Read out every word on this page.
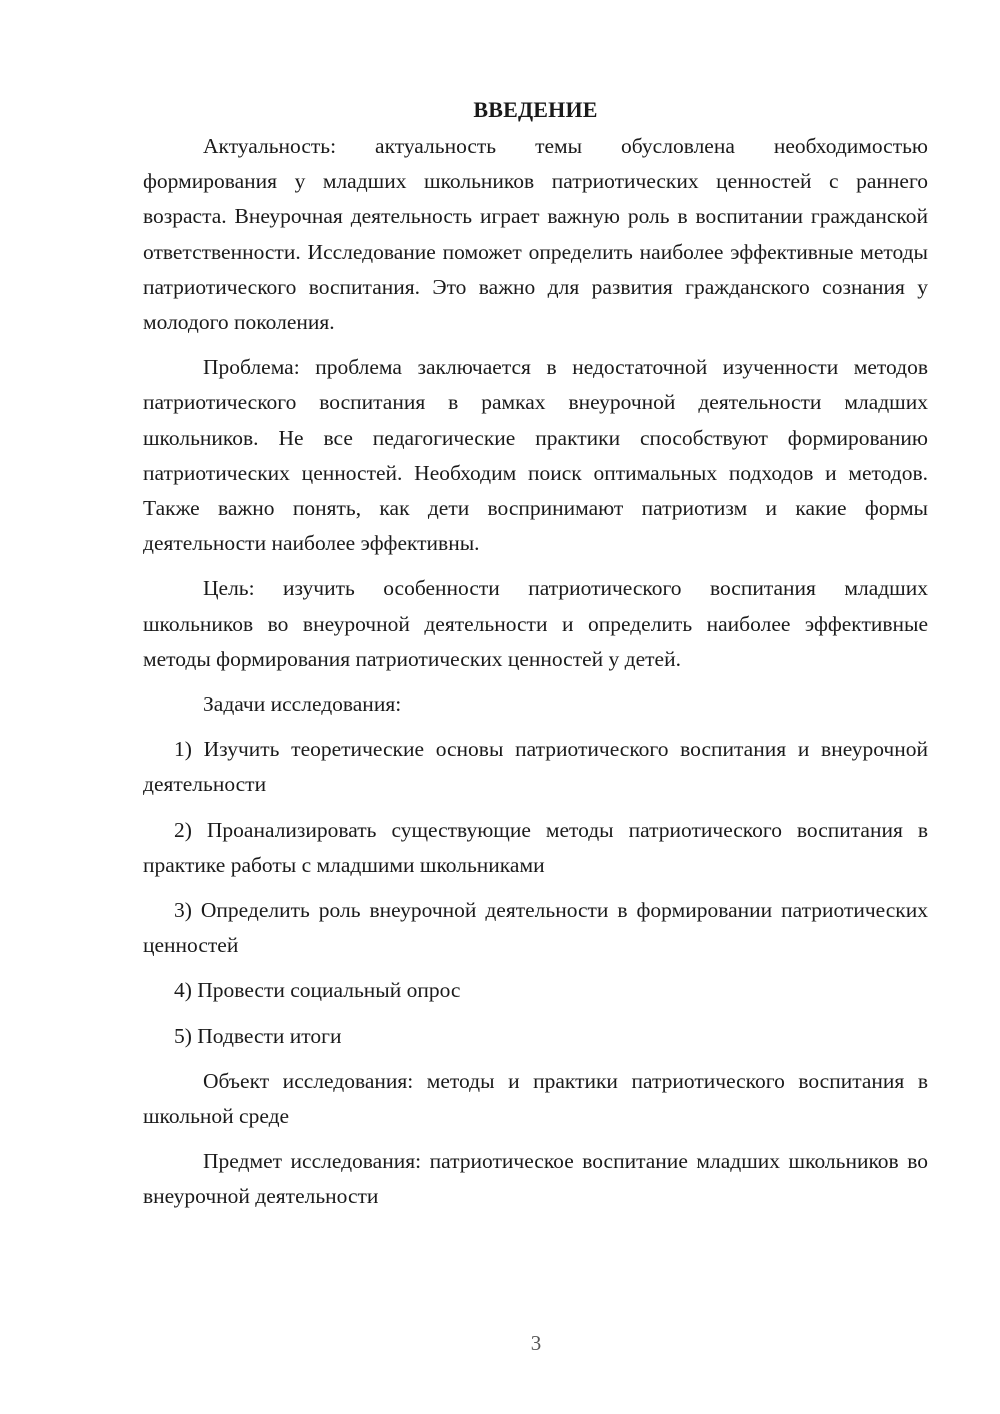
ВВЕДЕНИЕ

Актуальность: актуальность темы обусловлена необходимостью формирования у младших школьников патриотических ценностей с раннего возраста. Внеурочная деятельность играет важную роль в воспитании гражданской ответственности. Исследование поможет определить наиболее эффективные методы патриотического воспитания. Это важно для развития гражданского сознания у молодого поколения.

Проблема: проблема заключается в недостаточной изученности методов патриотического воспитания в рамках внеурочной деятельности младших школьников. Не все педагогические практики способствуют формированию патриотических ценностей. Необходим поиск оптимальных подходов и методов. Также важно понять, как дети воспринимают патриотизм и какие формы деятельности наиболее эффективны.

Цель: изучить особенности патриотического воспитания младших школьников во внеурочной деятельности и определить наиболее эффективные методы формирования патриотических ценностей у детей.

Задачи исследования:

1) Изучить теоретические основы патриотического воспитания и внеурочной деятельности

2) Проанализировать существующие методы патриотического воспитания в практике работы с младшими школьниками

3) Определить роль внеурочной деятельности в формировании патриотических ценностей

4) Провести социальный опрос

5) Подвести итоги

Объект исследования: методы и практики патриотического воспитания в школьной среде

Предмет исследования: патриотическое воспитание младших школьников во внеурочной деятельности

3
